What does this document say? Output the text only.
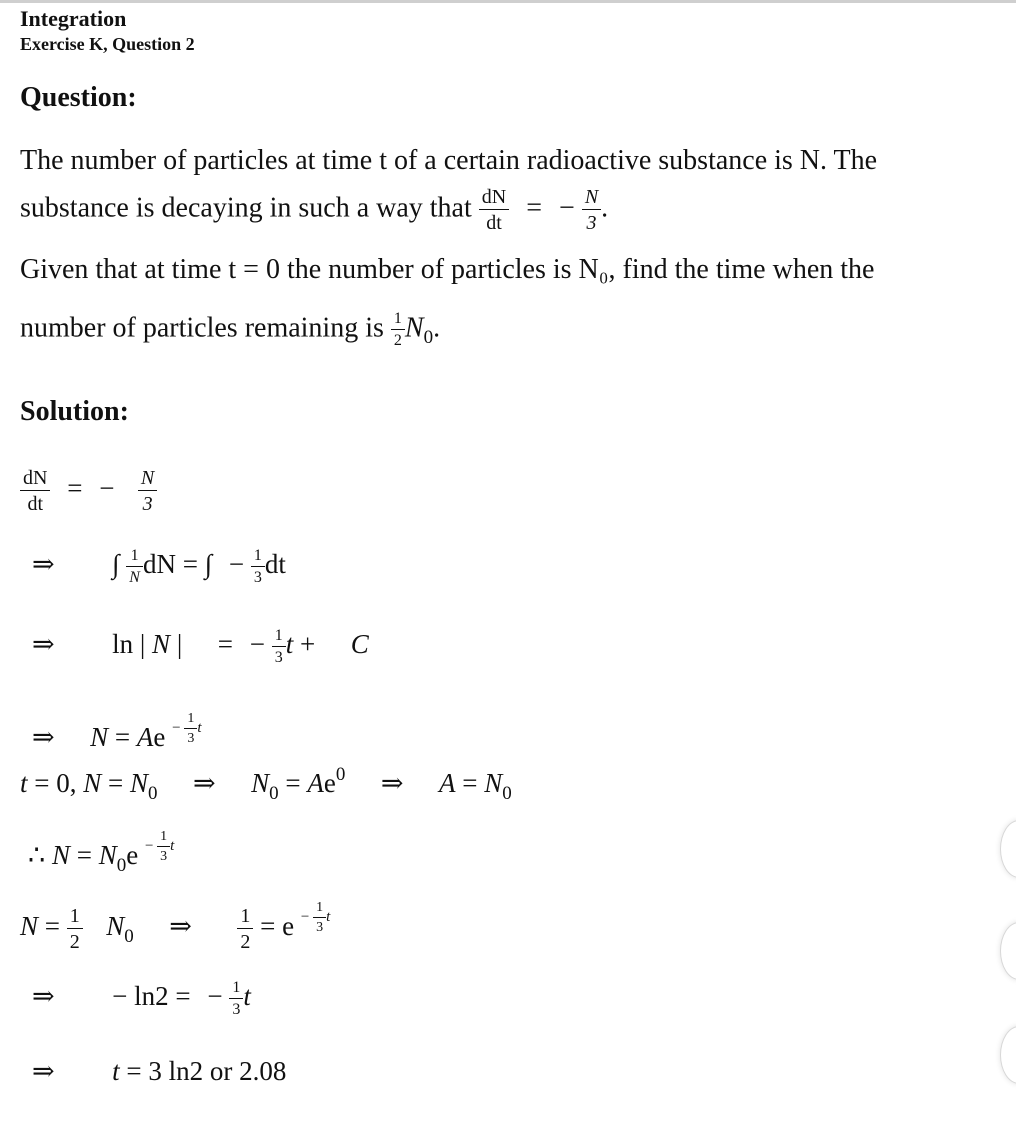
Integration
Exercise K, Question 2
Question:
The number of particles at time t of a certain radioactive substance is N. The
substance is decaying in such a way that $\frac{dN}{dt}$ = − $\frac{N}{3}$ .
Given that at time t = 0 the number of particles is N₀, find the time when the
number of particles remaining is $\frac{1}{2} N_0$.
Solution:
$\frac{dN}{dt}$ = − $\frac{N}{3}$
⇒ ∫ $\frac{1}{N}$ dN = ∫ − $\frac{1}{3}$ dt
⇒ ln | N | = − $\frac{1}{3}$ t + C
⇒ N = Ae $^{- \frac{1}{3} t}$
t = 0, $N = N_0$ ⇒ $N_0 = Ae^0$ ⇒ $A = N_0$
∴ $N = N_0e$ $^{- \frac{1}{3} t}$
$N = \frac{1}{2} N_0$ ⇒ $\frac{1}{2} = e$ $^{- \frac{1}{3} t}$
⇒ − ln2 = − $\frac{1}{3}$ t
⇒ t = 3 ln2 or 2.08
